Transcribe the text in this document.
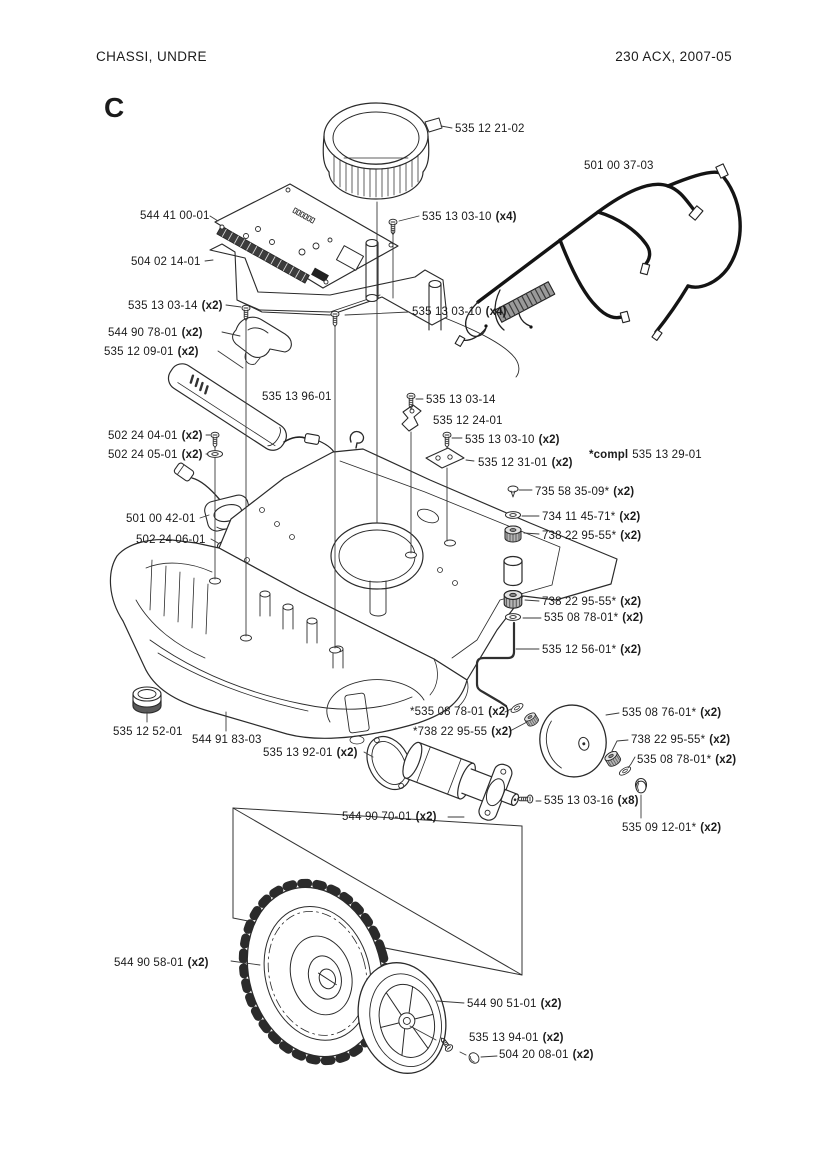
CHASSI, UNDRE	230 ACX, 2007-05
C
535 12 21-02
501 00 37-03
544 41 00-01	535 13 03-10 (x4)
504 02 14-01
535 13 03-14 (x2)	535 13 03-10 (x4)
544 90 78-01 (x2)
535 12 09-01 (x2)
535 13 96-01	535 13 03-14
535 12 24-01
502 24 04-01 (x2)
502 24 05-01 (x2)
535 13 03-10 (x2)
535 12 31-01 (x2)
*compl 535 13 29-01
735 58 35-09* (x2)
734 11 45-71* (x2)
738 22 95-55* (x2)
501 00 42-01
502 24 06-01
738 22 95-55* (x2)
535 08 78-01* (x2)
535 12 56-01* (x2)
*535 08 78-01 (x2)
*738 22 95-55 (x2)
535 08 76-01* (x2)
738 22 95-55* (x2)
535 08 78-01* (x2)
535 12 52-01
544 91 83-03
535 13 92-01 (x2)
544 90 70-01 (x2)
535 13 03-16 (x8)
535 09 12-01* (x2)
544 90 58-01 (x2)
544 90 51-01 (x2)
535 13 94-01 (x2)
504 20 08-01 (x2)
